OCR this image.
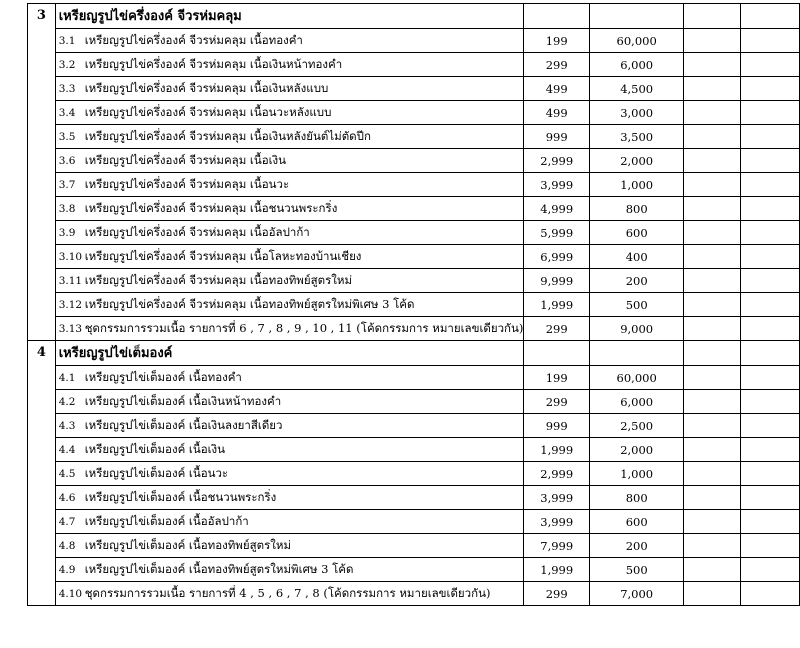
3	เหรียญรูปไข่ครึ่งองค์ จีวรห่มคลุม				
	3.1 เหรียญรูปไข่ครึ่งองค์ จีวรห่มคลุม เนื้อทองคำ	199	60,000		
	3.2 เหรียญรูปไข่ครึ่งองค์ จีวรห่มคลุม เนื้อเงินหน้าทองคำ	299	6,000		
	3.3 เหรียญรูปไข่ครึ่งองค์ จีวรห่มคลุม เนื้อเงินหลังแบบ	499	4,500		
	3.4 เหรียญรูปไข่ครึ่งองค์ จีวรห่มคลุม เนื้อนวะหลังแบบ	499	3,000		
	3.5 เหรียญรูปไข่ครึ่งองค์ จีวรห่มคลุม เนื้อเงินหลังยันต์ไม่ตัดปีก	999	3,500		
	3.6 เหรียญรูปไข่ครึ่งองค์ จีวรห่มคลุม เนื้อเงิน	2,999	2,000		
	3.7 เหรียญรูปไข่ครึ่งองค์ จีวรห่มคลุม เนื้อนวะ	3,999	1,000		
	3.8 เหรียญรูปไข่ครึ่งองค์ จีวรห่มคลุม เนื้อชนวนพระกริ่ง	4,999	800		
	3.9 เหรียญรูปไข่ครึ่งองค์ จีวรห่มคลุม เนื้ออัลปาก้า	5,999	600		
	3.10 เหรียญรูปไข่ครึ่งองค์ จีวรห่มคลุม เนื้อโลหะทองบ้านเชียง	6,999	400		
	3.11 เหรียญรูปไข่ครึ่งองค์ จีวรห่มคลุม เนื้อทองทิพย์สูตรใหม่	9,999	200		
	3.12 เหรียญรูปไข่ครึ่งองค์ จีวรห่มคลุม เนื้อทองทิพย์สูตรใหม่พิเศษ 3 โค้ด	1,999	500		
	3.13 ชุดกรรมการรวมเนื้อ รายการที่ 6 , 7 , 8 , 9 , 10 , 11 (โค้ดกรรมการ หมายเลขเดียวกัน)	299	9,000		
4	เหรียญรูปไข่เต็มองค์				
	4.1 เหรียญรูปไข่เต็มองค์ เนื้อทองคำ	199	60,000		
	4.2 เหรียญรูปไข่เต็มองค์ เนื้อเงินหน้าทองคำ	299	6,000		
	4.3 เหรียญรูปไข่เต็มองค์ เนื้อเงินลงยาสีเดียว	999	2,500		
	4.4 เหรียญรูปไข่เต็มองค์ เนื้อเงิน	1,999	2,000		
	4.5 เหรียญรูปไข่เต็มองค์ เนื้อนวะ	2,999	1,000		
	4.6 เหรียญรูปไข่เต็มองค์ เนื้อชนวนพระกริ่ง	3,999	800		
	4.7 เหรียญรูปไข่เต็มองค์ เนื้ออัลปาก้า	3,999	600		
	4.8 เหรียญรูปไข่เต็มองค์ เนื้อทองทิพย์สูตรใหม่	7,999	200		
	4.9 เหรียญรูปไข่เต็มองค์ เนื้อทองทิพย์สูตรใหม่พิเศษ 3 โค้ด	1,999	500		
	4.10 ชุดกรรมการรวมเนื้อ รายการที่ 4 , 5 , 6 , 7 , 8 (โค้ดกรรมการ หมายเลขเดียวกัน)	299	7,000		
